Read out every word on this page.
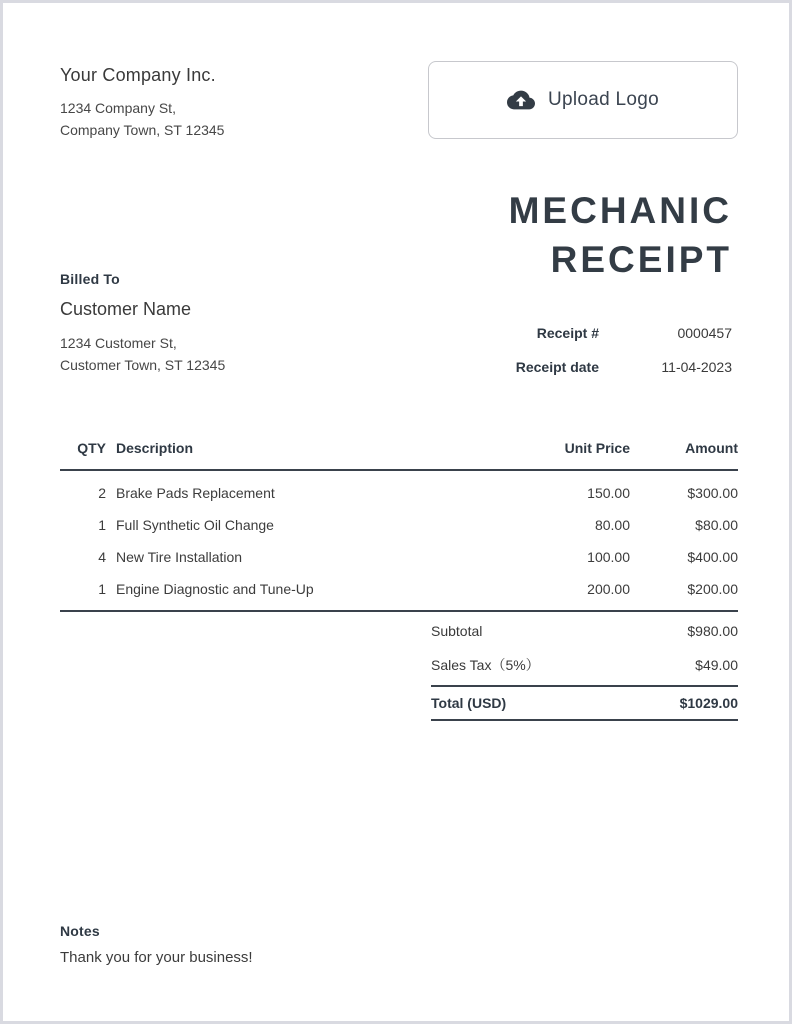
Your Company Inc.
1234 Company St,
Company Town, ST 12345
Upload Logo
MECHANIC
RECEIPT
Billed To
Customer Name
1234 Customer St,
Customer Town, ST 12345
Receipt #	0000457
Receipt date	11-04-2023
QTY Description	Unit Price	Amount
2 Brake Pads Replacement	150.00	$300.00
1 Full Synthetic Oil Change	80.00	$80.00
4 New Tire Installation	100.00	$400.00
1 Engine Diagnostic and Tune-Up	200.00	$200.00
Subtotal	$980.00
Sales Tax（5%）	$49.00
Total (USD)	$1029.00
Notes
Thank you for your business!
